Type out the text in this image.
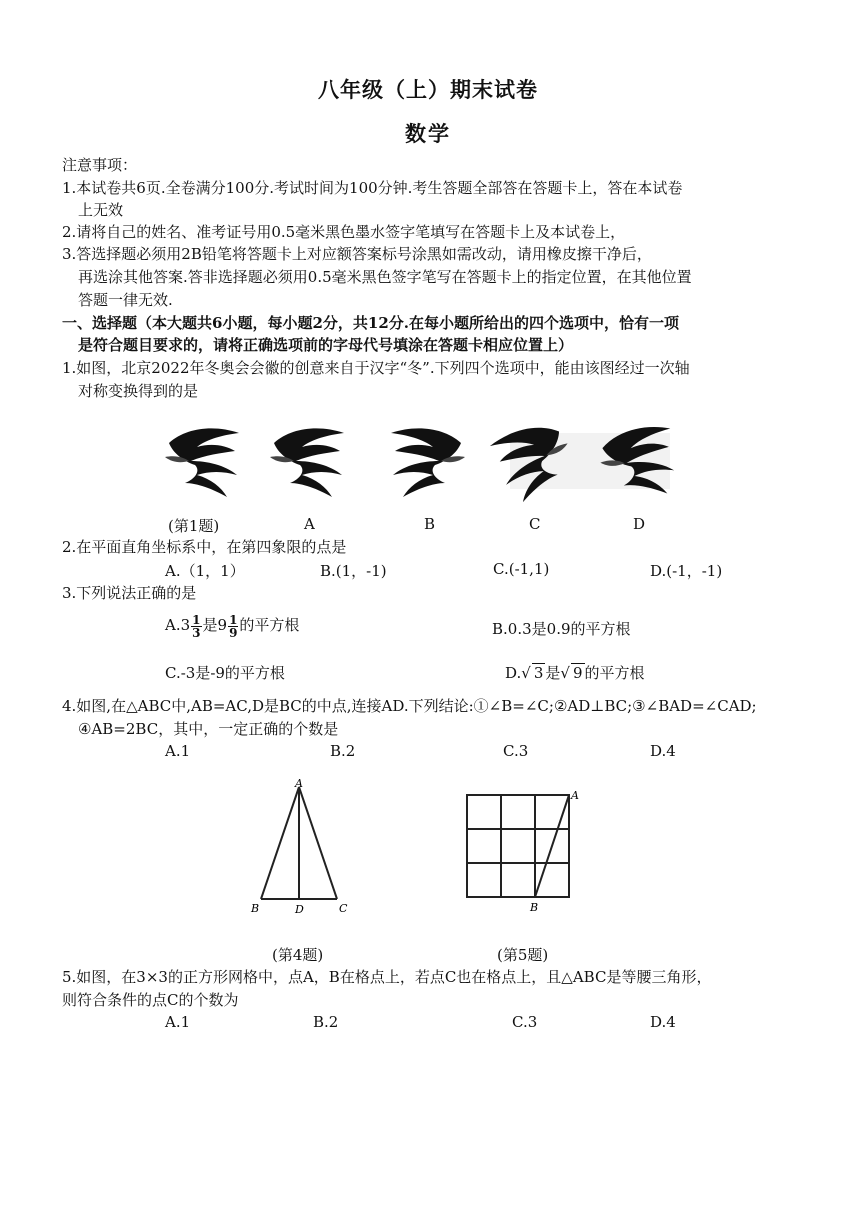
八年级（上）期末试卷
数学
注意事项：
1.本试卷共6页.全卷满分100分.考试时间为100分钟.考生答题全部答在答题卡上，答在本试卷
上无效
2.请将自己的姓名、准考证号用0.5毫米黑色墨水签字笔填写在答题卡上及本试卷上，
3.答选择题必须用2B铅笔将答题卡上对应额答案标号涂黑如需改动，请用橡皮擦干净后，
再选涂其他答案.答非选择题必须用0.5毫米黑色签字笔写在答题卡上的指定位置，在其他位置
答题一律无效.
一、选择题（本大题共6小题，每小题2分，共12分.在每小题所给出的四个选项中，恰有一项
是符合题目要求的，请将正确选项前的字母代号填涂在答题卡相应位置上）
1.如图，北京2022年冬奥会会徽的创意来自于汉字“冬”.下列四个选项中，能由该图经过一次轴
对称变换得到的是
(第1题)	A	B	C	D
2.在平面直角坐标系中，在第四象限的点是
A.（1，1）	B.(1，-1)	C.(-1,1)	D.(-1，-1)
3.下列说法正确的是
$A.3 \frac{1}{3}$ 是$9 \frac{1}{9}$ 的平方根	B.0.3是0.9的平方根
C.-3是-9的平方根	D.√ 3 是√ 9 的平方根
4.如图,在△ABC中,AB=AC,D是BC的中点,连接AD.下列结论:①∠B=∠C;②AD⊥BC;③∠BAD=∠CAD;
④AB=2BC，其中，一定正确的个数是
A.1	B.2	C.3	D.4
A
B	D	C
A
B
(第4题)	(第5题)
5.如图，在3×3的正方形网格中，点A，B在格点上，若点C也在格点上，且△ABC是等腰三角形，
则符合条件的点C的个数为
A.1	B.2	C.3	D.4
